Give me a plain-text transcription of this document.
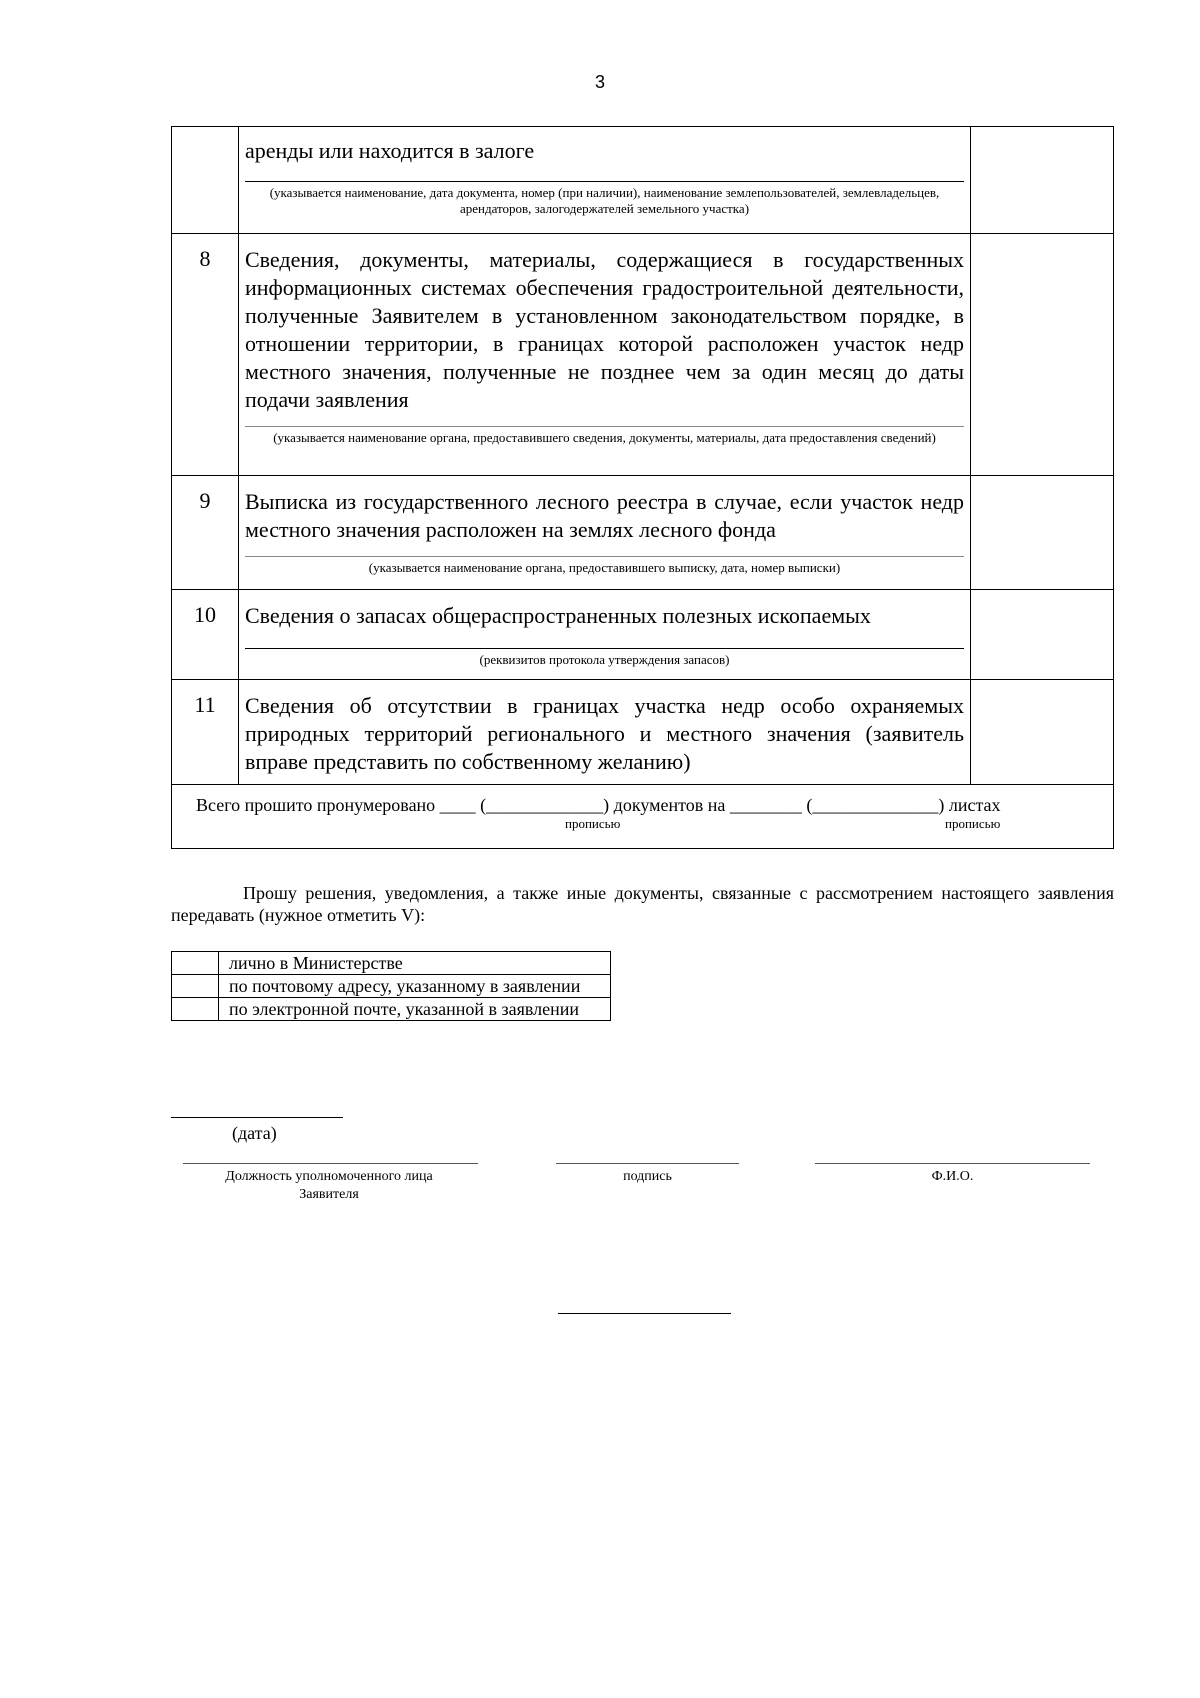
3

	аренды или находится в залоге
(указывается наименование, дата документа, номер (при наличии), наименование землепользователей, землевладельцев, арендаторов, залогодержателей земельного участка)	

8	Сведения, документы, материалы, содержащиеся в государственных информационных системах обеспечения градостроительной деятельности, полученные Заявителем в установленном законодательством порядке, в отношении территории, в границах которой расположен участок недр местного значения, полученные не позднее чем за один месяц до даты подачи заявления
(указывается наименование органа, предоставившего сведения, документы, материалы, дата предоставления сведений)	

9	Выписка из государственного лесного реестра в случае, если участок недр местного значения расположен на землях лесного фонда
(указывается наименование органа, предоставившего выписку, дата, номер выписки)	

10	Сведения о запасах общераспространенных полезных ископаемых
(реквизитов протокола утверждения запасов)	

11	Сведения об отсутствии в границах участка недр особо охраняемых природных территорий регионального и местного значения (заявитель вправе представить по собственному желанию)	

Всего прошито пронумеровано ____ (_____________) документов на ________ (______________) листах
прописью прописью		
Прошу решения, уведомления, а также иные документы, связанные с рассмотрением настоящего заявления передавать (нужное отметить V):
	лично в Министерстве
	по почтовому адресу, указанному в заявлении
	по электронной почте, указанной в заявлении
(дата)
Должность уполномоченного лица Заявителя
подпись	Ф.И.О.
